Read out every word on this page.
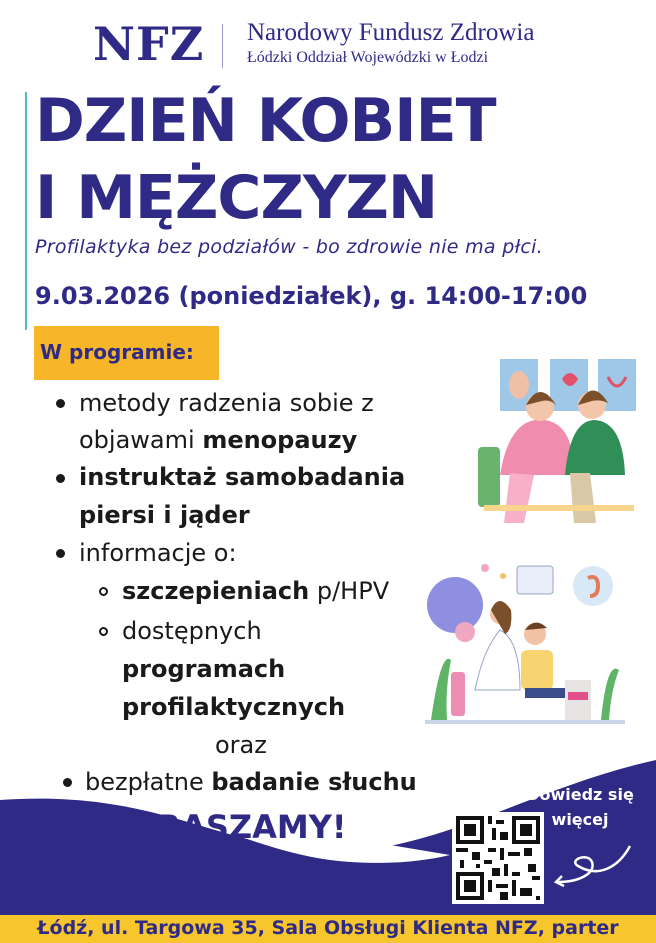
NFZ Narodowy Fundusz Zdrowia
Łódzki Oddział Wojewódzki w Łodzi
DZIEŃ KOBIET
I MĘŻCZYZN
Profilaktyka bez podziałów - bo zdrowie nie ma płci.
9.03.2026 (poniedziałek), g. 14:00-17:00
W programie:
metody radzenia sobie z
objawami menopauzy
instruktaż samobadania
piersi i jąder
informacje o:
szczepieniach p/HPV
dostępnych
programach
profilaktycznych
oraz
bezpłatne badanie słuchu
ZAPRASZAMY!
Dowiedz się więcej
Łódź, ul. Targowa 35, Sala Obsługi Klienta NFZ, parter
